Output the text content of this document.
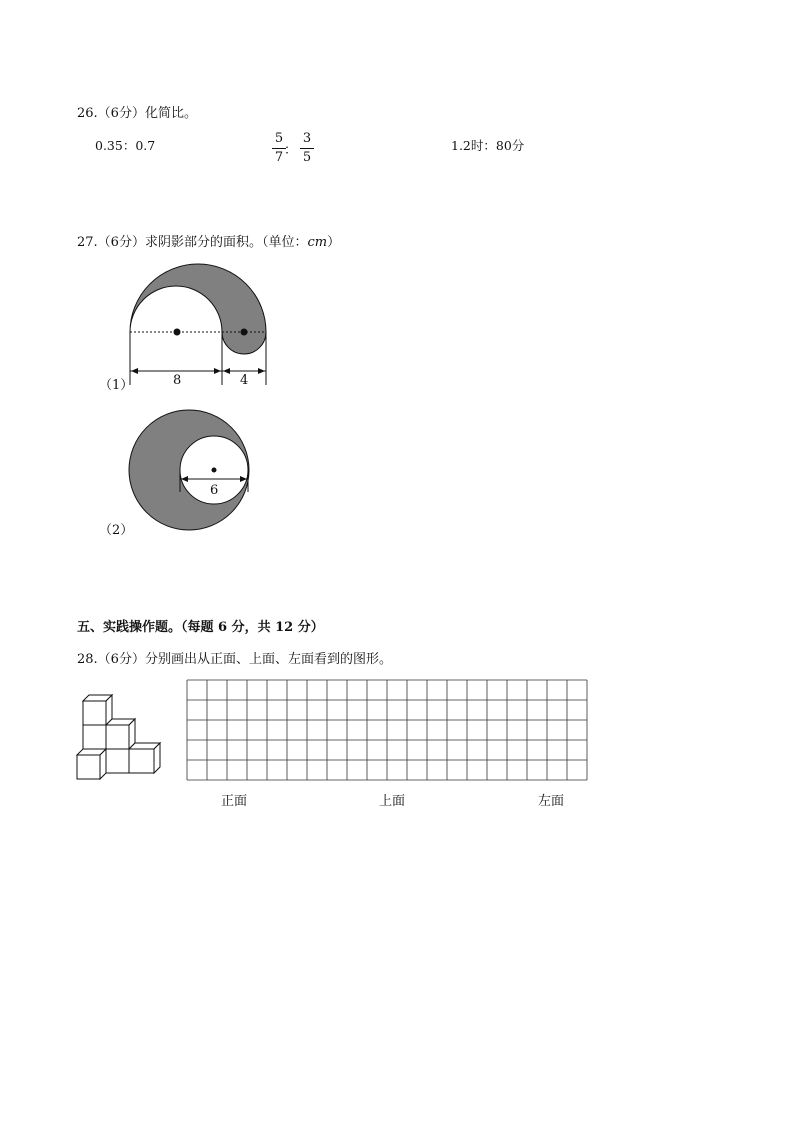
26.（6分）化简比。
0.35：0.7	5
7 ：
3
5
1.2时：80分
27.（6分）求阴影部分的面积。（单位：cm）
（1）	8	4
6
（2）
五、实践操作题。（每题 6 分，共 12 分）
28.（6分）分别画出从正面、上面、左面看到的图形。
正面	上面	左面
